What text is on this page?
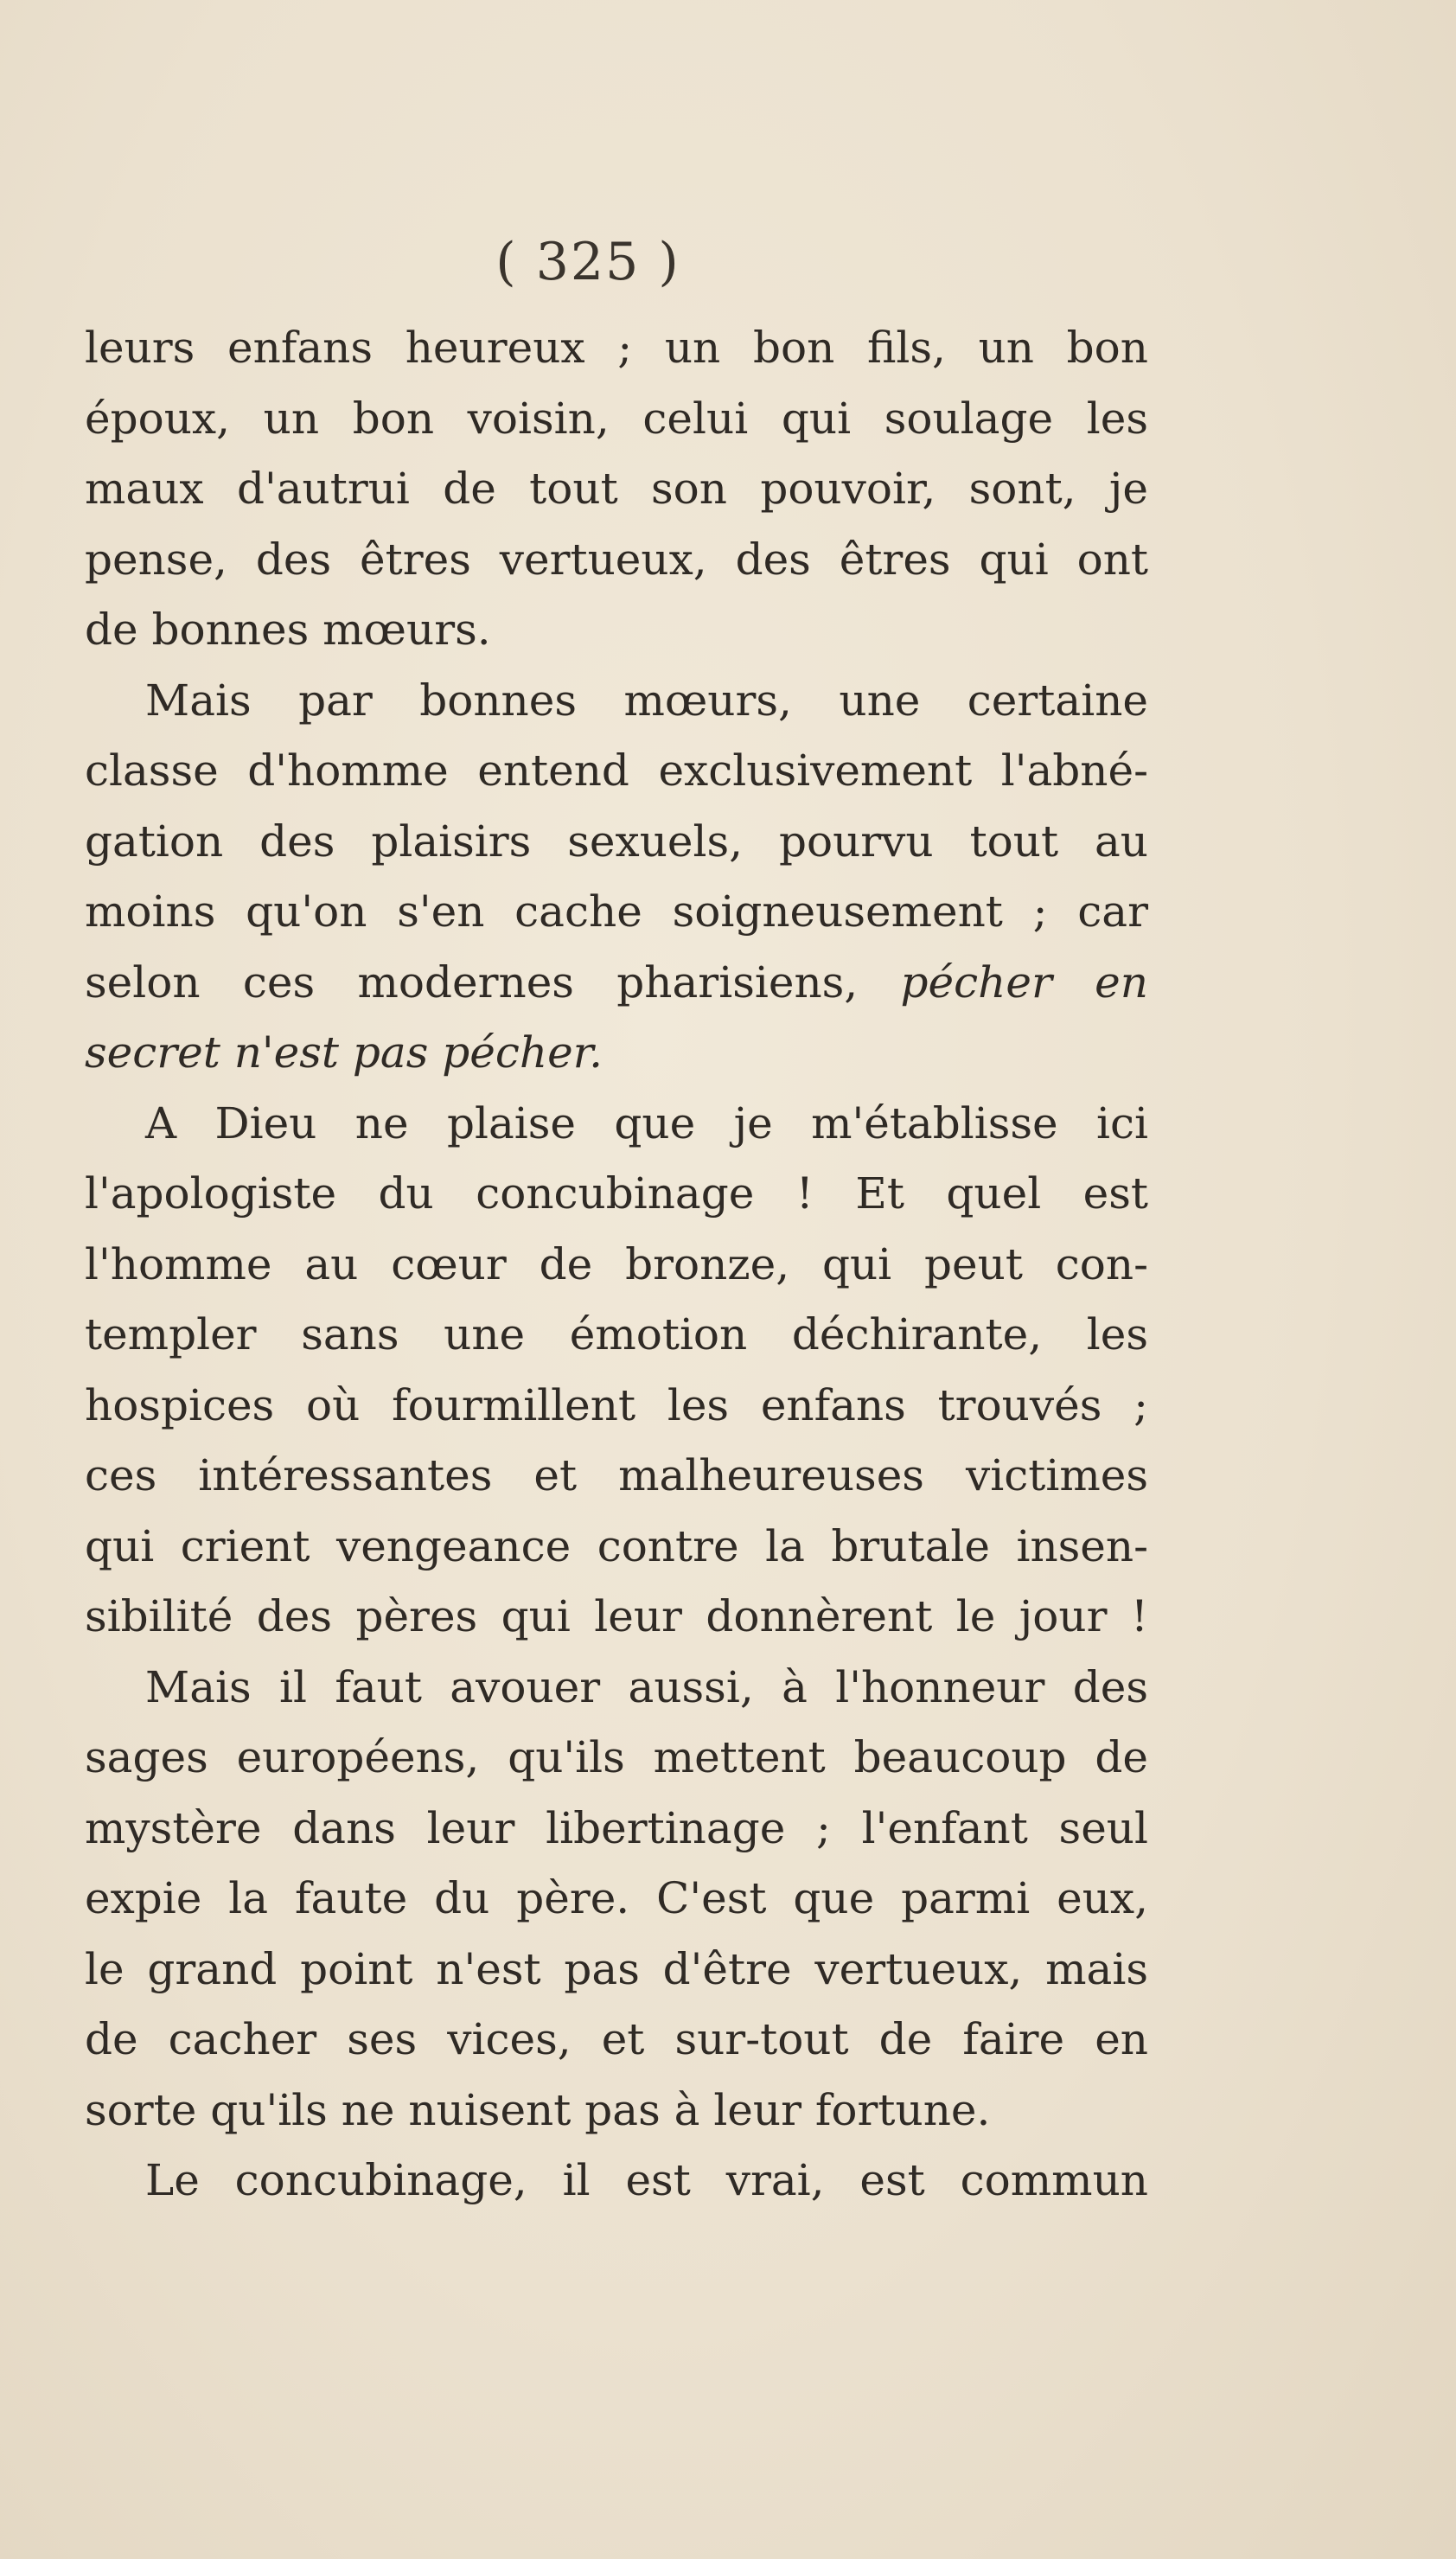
( 325 )
leurs enfans heureux ; un bon fils, un bon
époux, un bon voisin, celui qui soulage les
maux d'autrui de tout son pouvoir, sont, je
pense, des êtres vertueux, des êtres qui ont
de bonnes mœurs.
Mais par bonnes mœurs, une certaine
classe d'homme entend exclusivement l'abné-
gation des plaisirs sexuels, pourvu tout au
moins qu'on s'en cache soigneusement ; car
selon ces modernes pharisiens, pécher en
secret n'est pas pécher.
A Dieu ne plaise que je m'établisse ici
l'apologiste du concubinage ! Et quel est
l'homme au cœur de bronze, qui peut con-
templer sans une émotion déchirante, les
hospices où fourmillent les enfans trouvés ;
ces intéressantes et malheureuses victimes
qui crient vengeance contre la brutale insen-
sibilité des pères qui leur donnèrent le jour !
Mais il faut avouer aussi, à l'honneur des
sages européens, qu'ils mettent beaucoup de
mystère dans leur libertinage ; l'enfant seul
expie la faute du père. C'est que parmi eux,
le grand point n'est pas d'être vertueux, mais
de cacher ses vices, et sur-tout de faire en
sorte qu'ils ne nuisent pas à leur fortune.
Le concubinage, il est vrai, est commun
